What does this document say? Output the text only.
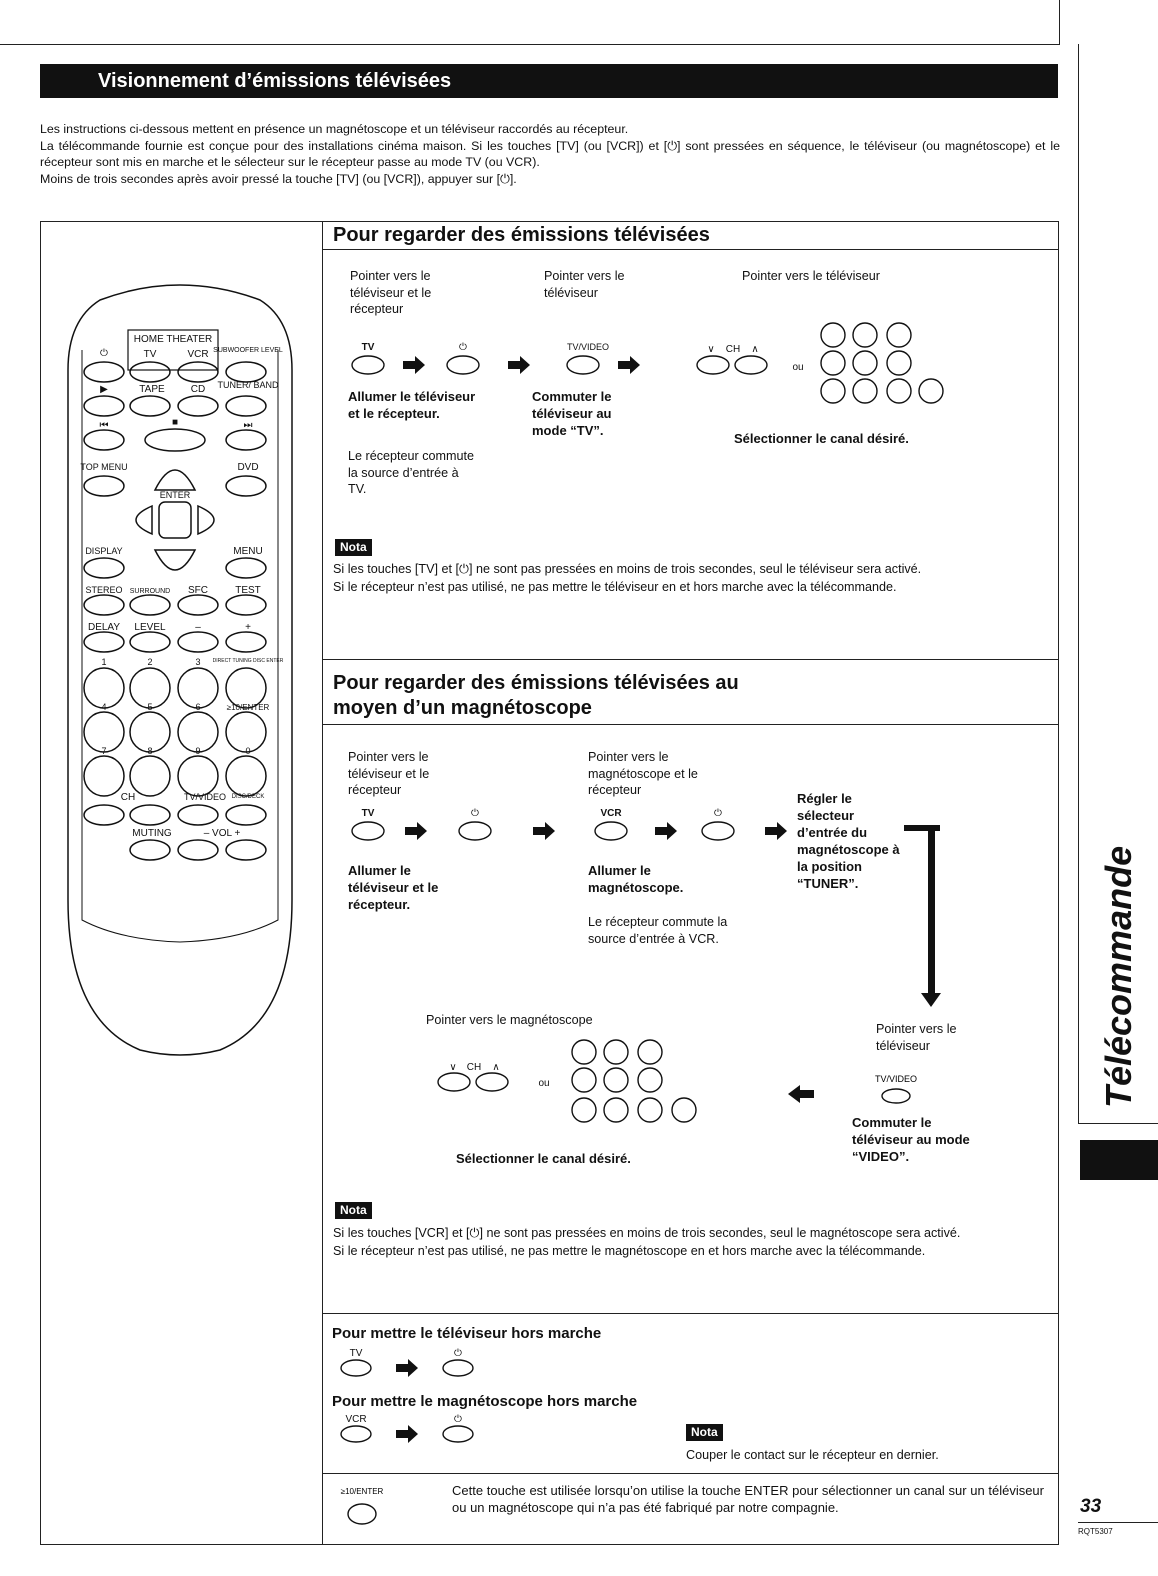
Visionnement d’émissions télévisées

Les instructions ci-dessous mettent en présence un magnétoscope et un téléviseur raccordés au récepteur.

La télécommande fournie est conçue pour des installations cinéma maison. Si les touches [TV] (ou [VCR]) et [⏻] sont pressées en séquence, le téléviseur (ou magnétoscope) et le récepteur sont mis en marche et le sélecteur sur le récepteur passe au mode TV (ou VCR).

Moins de trois secondes après avoir pressé la touche [TV] (ou [VCR]), appuyer sur [⏻].

HOME THEATER
TV	VCR SUBWOOFER LEVEL
⏻
▶	TAPE	CD TUNER/ BAND
⏮	■	⏭
TOP MENU	DVD
ENTER
DISPLAY	MENU
STEREO SURROUND SFC	TEST
DELAY LEVEL	–	+
DIRECT TUNING DISC ENTER
1	2	3
4	5	6	≥10/ENTER
7	8	9	0
CH	TV/VIDEO DISC/DECK
MUTING	– VOL +
Pour regarder des émissions télévisées
Pointer vers le téléviseur et le récepteur
Pointer vers le téléviseur
Pointer vers le téléviseur
TV	⏻	TV/VIDEO	CH
∨	∧
ou
Allumer le téléviseur et le récepteur.
Le récepteur commute la source d’entrée à TV.
Commuter le téléviseur au mode “TV”.
Sélectionner le canal désiré.
Nota
Si les touches [TV] et [⏻] ne sont pas pressées en moins de trois secondes, seul le téléviseur sera activé.
Si le récepteur n’est pas utilisé, ne pas mettre le téléviseur en et hors marche avec la télécommande.
Pour regarder des émissions télévisées au
moyen d’un magnétoscope
Pointer vers le téléviseur et le récepteur
Pointer vers le magnétoscope et le récepteur
TV	⏻	VCR	⏻
Allumer le téléviseur et le récepteur.
Allumer le magnétoscope.
Le récepteur commute la source d’entrée à VCR.
Régler le sélecteur d’entrée du magnétoscope à la position “TUNER”.
Pointer vers le magnétoscope
CH
∨	∧
ou
Sélectionner le canal désiré.
Pointer vers le téléviseur
TV/VIDEO
Commuter le téléviseur au mode “VIDEO”.
Nota
Si les touches [VCR] et [⏻] ne sont pas pressées en moins de trois secondes, seul le magnétoscope sera activé.
Si le récepteur n’est pas utilisé, ne pas mettre le magnétoscope en et hors marche avec la télécommande.
Pour mettre le téléviseur hors marche
TV	⏻
Pour mettre le magnétoscope hors marche
VCR	⏻
Nota
Couper le contact sur le récepteur en dernier.
≥10/ENTER	Cette touche est utilisée lorsqu’on utilise la touche ENTER pour sélectionner un canal sur un téléviseur ou un magnétoscope qui n’a pas été fabriqué par notre compagnie.
Télécommande
33
RQT5307
